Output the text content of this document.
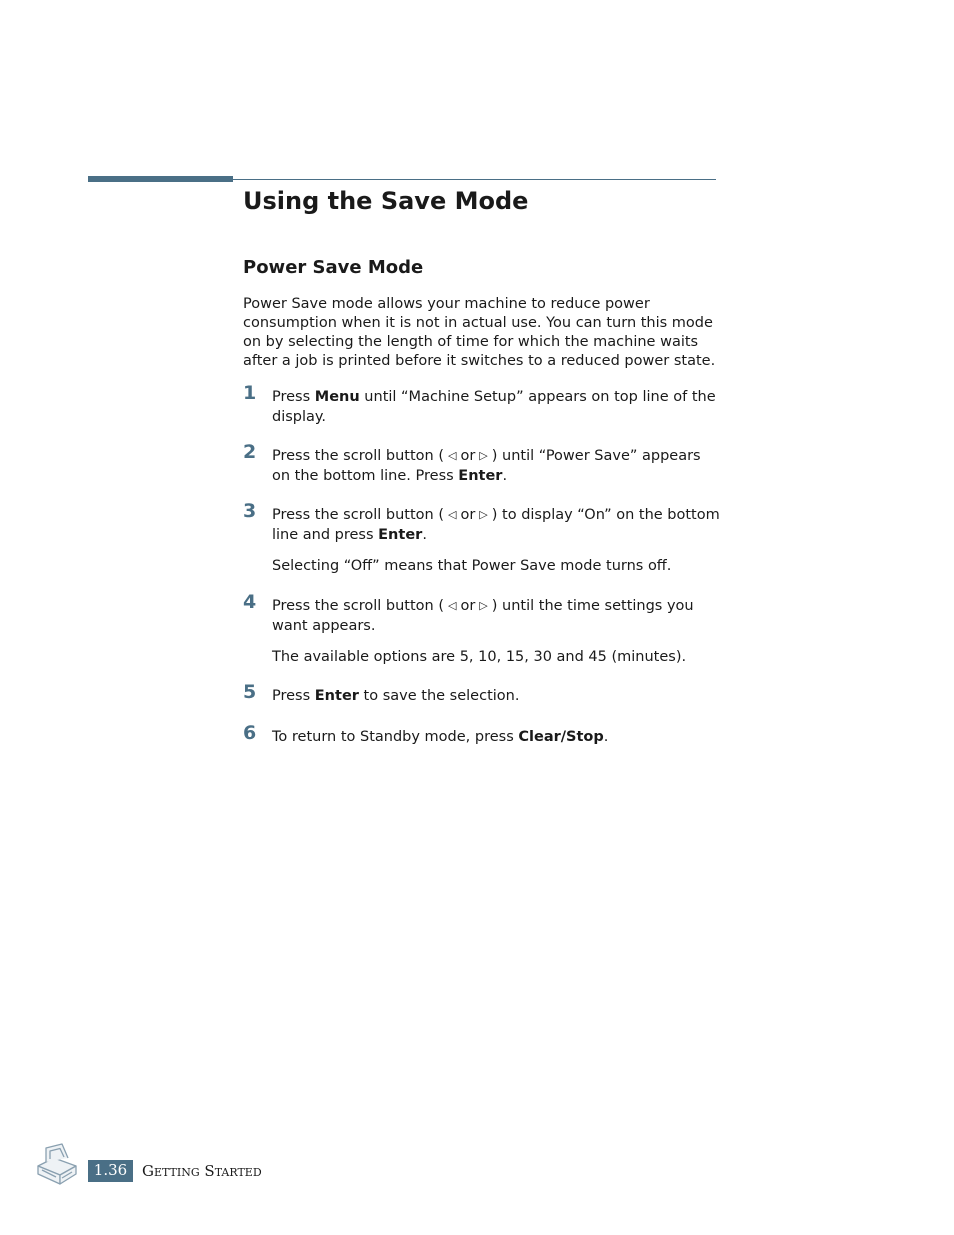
Using the Save Mode
Power Save Mode

Power Save mode allows your machine to reduce power consumption when it is not in actual use. You can turn this mode on by selecting the length of time for which the machine waits after a job is printed before it switches to a reduced power state.

1 Press Menu until “Machine Setup” appears on top line of the display.
2 Press the scroll button ( ◁ or ▷ ) until “Power Save” appears on the bottom line. Press Enter.
3 Press the scroll button ( ◁ or ▷ ) to display “On” on the bottom line and press Enter.
Selecting “Off” means that Power Save mode turns off.
4 Press the scroll button ( ◁ or ▷ ) until the time settings you want appears.
The available options are 5, 10, 15, 30 and 45 (minutes).
5 Press Enter to save the selection.
6 To return to Standby mode, press Clear/Stop.
1.36 Getting Started
